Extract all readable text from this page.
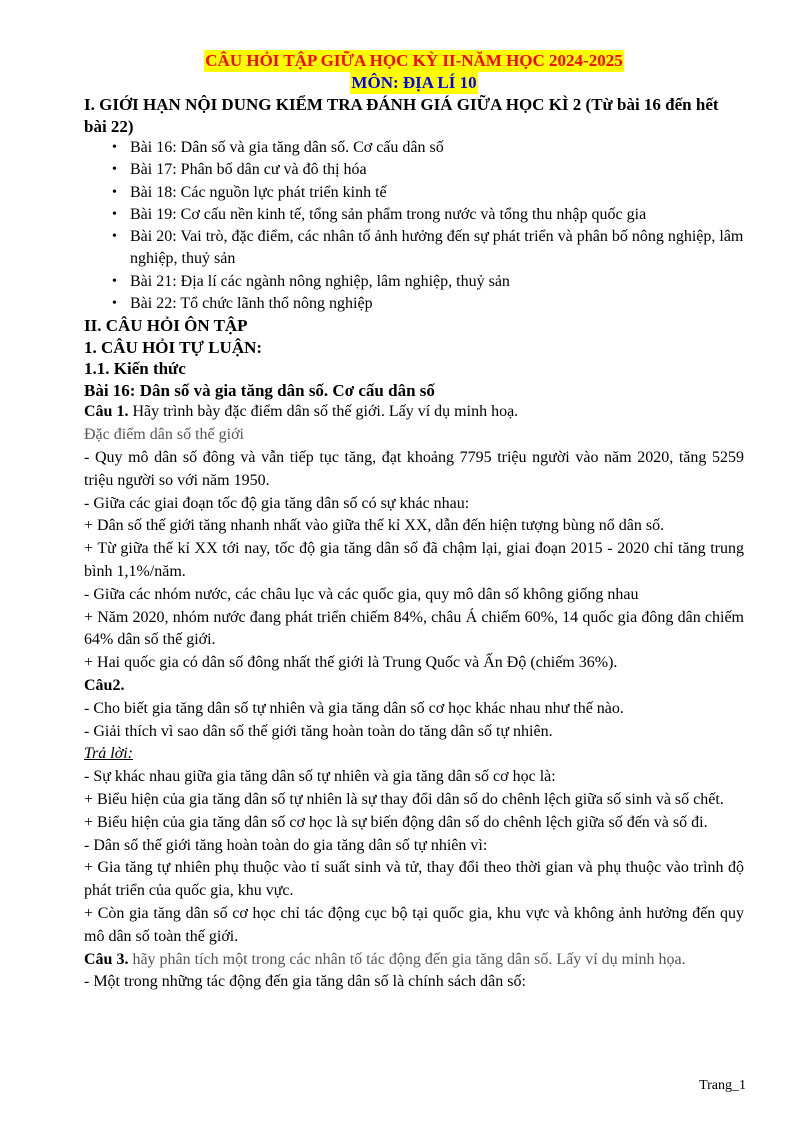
CÂU HỎI TẬP GIỮA HỌC KỲ II-NĂM HỌC 2024-2025
MÔN: ĐỊA LÍ 10

I. GIỚI HẠN NỘI DUNG KIỂM TRA ĐÁNH GIÁ GIỮA HỌC KÌ 2 (Từ bài 16 đến hết bài 22)

• Bài 16: Dân số và gia tăng dân số. Cơ cấu dân số
• Bài 17: Phân bố dân cư và đô thị hóa
• Bài 18: Các nguồn lực phát triển kinh tế
• Bài 19: Cơ cấu nền kinh tế, tổng sản phẩm trong nước và tổng thu nhập quốc gia
• Bài 20: Vai trò, đặc điểm, các nhân tố ảnh hưởng đến sự phát triển và phân bố nông nghiệp, lâm nghiệp, thuỷ sản
• Bài 21: Địa lí các ngành nông nghiệp, lâm nghiệp, thuỷ sản
• Bài 22: Tổ chức lãnh thổ nông nghiệp

II. CÂU HỎI ÔN TẬP

1. CÂU HỎI TỰ LUẬN:

1.1. Kiến thức

Bài 16: Dân số và gia tăng dân số. Cơ cấu dân số

Câu 1. Hãy trình bày đặc điểm dân số thế giới. Lấy ví dụ minh hoạ.

Đặc điểm dân số thế giới

- Quy mô dân số đông và vẫn tiếp tục tăng, đạt khoảng 7795 triệu người vào năm 2020, tăng 5259 triệu người so với năm 1950.

- Giữa các giai đoạn tốc độ gia tăng dân số có sự khác nhau:

+ Dân số thế giới tăng nhanh nhất vào giữa thế kỉ XX, dẫn đến hiện tượng bùng nổ dân số.

+ Từ giữa thế kỉ XX tới nay, tốc độ gia tăng dân số đã chậm lại, giai đoạn 2015 - 2020 chỉ tăng trung bình 1,1%/năm.

- Giữa các nhóm nước, các châu lục và các quốc gia, quy mô dân số không giống nhau

+ Năm 2020, nhóm nước đang phát triển chiếm 84%, châu Á chiếm 60%, 14 quốc gia đông dân chiếm 64% dân số thế giới.

+ Hai quốc gia có dân số đông nhất thế giới là Trung Quốc và Ấn Độ (chiếm 36%).

Câu2.

- Cho biết gia tăng dân số tự nhiên và gia tăng dân số cơ học khác nhau như thế nào.

- Giải thích vì sao dân số thế giới tăng hoàn toàn do tăng dân số tự nhiên.

Trả lời:

- Sự khác nhau giữa gia tăng dân số tự nhiên và gia tăng dân số cơ học là:

+ Biểu hiện của gia tăng dân số tự nhiên là sự thay đổi dân số do chênh lệch giữa số sinh và số chết.

+ Biểu hiện của gia tăng dân số cơ học là sự biến động dân số do chênh lệch giữa số đến và số đi.

- Dân số thế giới tăng hoàn toàn do gia tăng dân số tự nhiên vì:

+ Gia tăng tự nhiên phụ thuộc vào tỉ suất sinh và tử, thay đổi theo thời gian và phụ thuộc vào trình độ phát triển của quốc gia, khu vực.

+ Còn gia tăng dân số cơ học chỉ tác động cục bộ tại quốc gia, khu vực và không ảnh hưởng đến quy mô dân số toàn thế giới.

Câu 3. hãy phân tích một trong các nhân tố tác động đến gia tăng dân số. Lấy ví dụ minh họa.

- Một trong những tác động đến gia tăng dân số là chính sách dân số:

Trang_1
